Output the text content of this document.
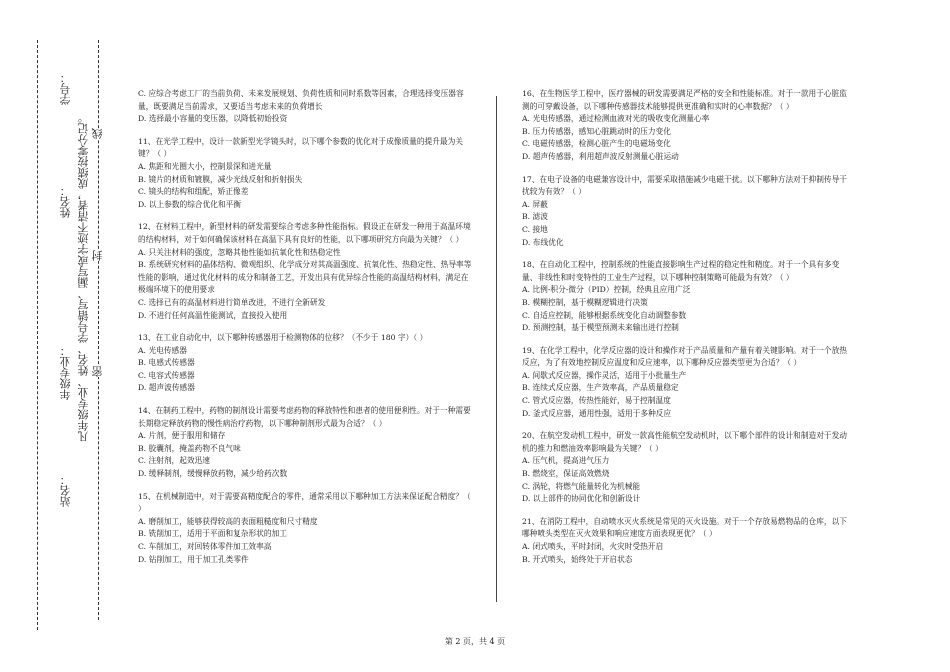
站名：
年级专业：
姓名：
学号：
凡年级专业、姓名、学号错写、漏写或字迹不清者，成绩按零分记。 密
封
线

C. 应综合考虑工厂的当前负荷、未来发展规划、负荷性质和同时系数等因素，合理选择变压器容量，既要满足当前需求，又要适当考虑未来的负荷增长

D. 选择最小容量的变压器，以降低初始投资

11、在光学工程中，设计一款新型光学镜头时，以下哪个参数的优化对于成像质量的提升最为关键？（ ）

A. 焦距和光圈大小，控制景深和进光量

B. 镜片的材质和镀膜，减少光线反射和折射损失

C. 镜头的结构和组配，矫正像差

D. 以上参数的综合优化和平衡

12、在材料工程中，新型材料的研发需要综合考虑多种性能指标。假设正在研发一种用于高温环境的结构材料，对于如何确保该材料在高温下具有良好的性能，以下哪项研究方向最为关键？（ ）

A. 只关注材料的强度，忽略其他性能如抗氧化性和热稳定性

B. 系统研究材料的晶体结构、微观组织、化学成分对其高温强度、抗氧化性、热稳定性、热导率等性能的影响，通过优化材料的成分和制备工艺，开发出具有优异综合性能的高温结构材料，满足在极端环境下的使用要求

C. 选择已有的高温材料进行简单改进，不进行全新研发

D. 不进行任何高温性能测试，直接投入使用

13、在工业自动化中，以下哪种传感器用于检测物体的位移？（不少于 180 字）（ ）

A. 光电传感器

B. 电感式传感器

C. 电容式传感器

D. 超声波传感器

14、在制药工程中，药物的制剂设计需要考虑药物的释放特性和患者的使用便利性。对于一种需要长期稳定释放药物的慢性病治疗药物，以下哪种制剂形式最为合适？（ ）

A. 片剂，便于服用和储存

B. 胶囊剂，掩盖药物不良气味

C. 注射剂，起效迅速

D. 缓释制剂，缓慢释放药物，减少给药次数

15、在机械制造中，对于需要高精度配合的零件，通常采用以下哪种加工方法来保证配合精度？（ ）

A. 磨削加工，能够获得较高的表面粗糙度和尺寸精度

B. 铣削加工，适用于平面和复杂形状的加工

C. 车削加工，对回转体零件加工效率高

D. 钻削加工，用于加工孔类零件

16、在生物医学工程中，医疗器械的研发需要满足严格的安全和性能标准。对于一款用于心脏监测的可穿戴设备，以下哪种传感器技术能够提供更准确和实时的心率数据？（ ）

A. 光电传感器，通过检测血液对光的吸收变化测量心率

B. 压力传感器，感知心脏跳动时的压力变化

C. 电磁传感器，检测心脏产生的电磁场变化

D. 超声传感器，利用超声波反射测量心脏运动

17、在电子设备的电磁兼容设计中，需要采取措施减少电磁干扰。以下哪种方法对于抑制传导干扰较为有效？（ ）

A. 屏蔽

B. 滤波

C. 接地

D. 布线优化

18、在自动化工程中，控制系统的性能直接影响生产过程的稳定性和精度。对于一个具有多变量、非线性和时变特性的工业生产过程，以下哪种控制策略可能最为有效？（ ）

A. 比例-积分-微分（PID）控制，经典且应用广泛

B. 模糊控制，基于模糊逻辑进行决策

C. 自适应控制，能够根据系统变化自动调整参数

D. 预测控制，基于模型预测未来输出进行控制

19、在化学工程中，化学反应器的设计和操作对于产品质量和产量有着关键影响。对于一个放热反应，为了有效地控制反应温度和反应速率，以下哪种反应器类型更为合适？（ ）

A. 间歇式反应器，操作灵活，适用于小批量生产

B. 连续式反应器，生产效率高，产品质量稳定

C. 管式反应器，传热性能好，易于控制温度

D. 釜式反应器，通用性强，适用于多种反应

20、在航空发动机工程中，研发一款高性能航空发动机时，以下哪个部件的设计和制造对于发动机的推力和燃油效率影响最为关键？（ ）

A. 压气机，提高进气压力

B. 燃烧室，保证高效燃烧

C. 涡轮，将燃气能量转化为机械能

D. 以上部件的协同优化和创新设计

21、在消防工程中，自动喷水灭火系统是常见的灭火设施。对于一个存放易燃物品的仓库，以下哪种喷头类型在灭火效果和响应速度方面表现更优？（ ）

A. 闭式喷头，平时封闭，火灾时受热开启

B. 开式喷头，始终处于开启状态

第 2 页，共 4 页
